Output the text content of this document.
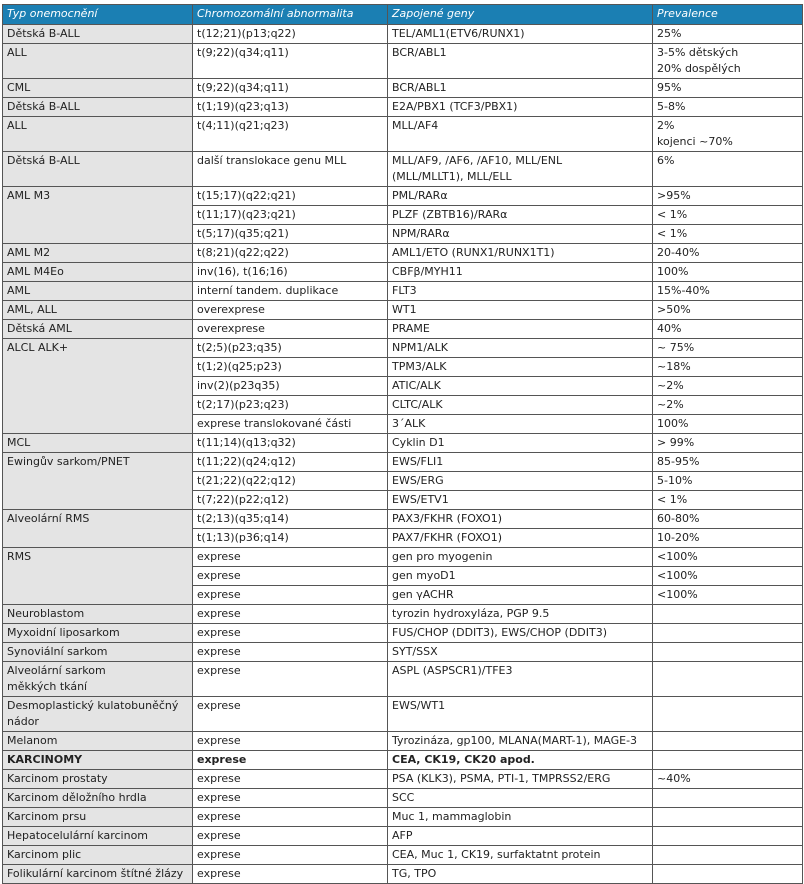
Typ onemocnění	Chromozomální abnormalita	Zapojené geny	Prevalence
Dětská B-ALL	t(12;21)(p13;q22)	TEL/AML1(ETV6/RUNX1)	25%
ALL	t(9;22)(q34;q11)	BCR/ABL1	3-5% dětských
20% dospělých
CML	t(9;22)(q34;q11)	BCR/ABL1	95%
Dětská B-ALL	t(1;19)(q23;q13)	E2A/PBX1 (TCF3/PBX1)	5-8%
ALL	t(4;11)(q21;q23)	MLL/AF4	2%
kojenci ~70%
Dětská B-ALL	další translokace genu MLL	MLL/AF9, /AF6, /AF10, MLL/ENL
(MLL/MLLT1), MLL/ELL	6%
AML M3	t(15;17)(q22;q21)	PML/RARα	>95%
	t(11;17)(q23;q21)	PLZF (ZBTB16)/RARα	< 1%
	t(5;17)(q35;q21)	NPM/RARα	< 1%
AML M2	t(8;21)(q22;q22)	AML1/ETO (RUNX1/RUNX1T1)	20-40%
AML M4Eo	inv(16), t(16;16)	CBFβ/MYH11	100%
AML	interní tandem. duplikace	FLT3	15%-40%
AML, ALL	overexprese	WT1	>50%
Dětská AML	overexprese	PRAME	40%
ALCL ALK+	t(2;5)(p23;q35)	NPM1/ALK	~ 75%
	t(1;2)(q25;p23)	TPM3/ALK	~18%
	inv(2)(p23q35)	ATIC/ALK	~2%
	t(2;17)(p23;q23)	CLTC/ALK	~2%
	exprese translokované části	3´ALK	100%
MCL	t(11;14)(q13;q32)	Cyklin D1	> 99%
Ewingův sarkom/PNET	t(11;22)(q24;q12)	EWS/FLI1	85-95%
	t(21;22)(q22;q12)	EWS/ERG	5-10%
	t(7;22)(p22;q12)	EWS/ETV1	< 1%
Alveolární RMS	t(2;13)(q35;q14)	PAX3/FKHR (FOXO1)	60-80%
	t(1;13)(p36;q14)	PAX7/FKHR (FOXO1)	10-20%
RMS	exprese	gen pro myogenin	<100%
	exprese	gen myoD1	<100%
	exprese	gen γACHR	<100%
Neuroblastom	exprese	tyrozin hydroxyláza, PGP 9.5	
Myxoidní liposarkom	exprese	FUS/CHOP (DDIT3), EWS/CHOP (DDIT3)	
Synoviální sarkom	exprese	SYT/SSX	
Alveolární sarkom
měkkých tkání	exprese	ASPL (ASPSCR1)/TFE3	
Desmoplastický kulatobuněčný
nádor	exprese	EWS/WT1	
Melanom	exprese	Tyrozináza, gp100, MLANA(MART-1), MAGE-3	
KARCINOMY	exprese	CEA, CK19, CK20 apod.	
Karcinom prostaty	exprese	PSA (KLK3), PSMA, PTI-1, TMPRSS2/ERG	~40%
Karcinom děložního hrdla	exprese	SCC	
Karcinom prsu	exprese	Muc 1, mammaglobin	
Hepatocelulární karcinom	exprese	AFP	
Karcinom plic	exprese	CEA, Muc 1, CK19, surfaktatnt protein	
Folikulární karcinom štítné žlázy	exprese	TG, TPO	
